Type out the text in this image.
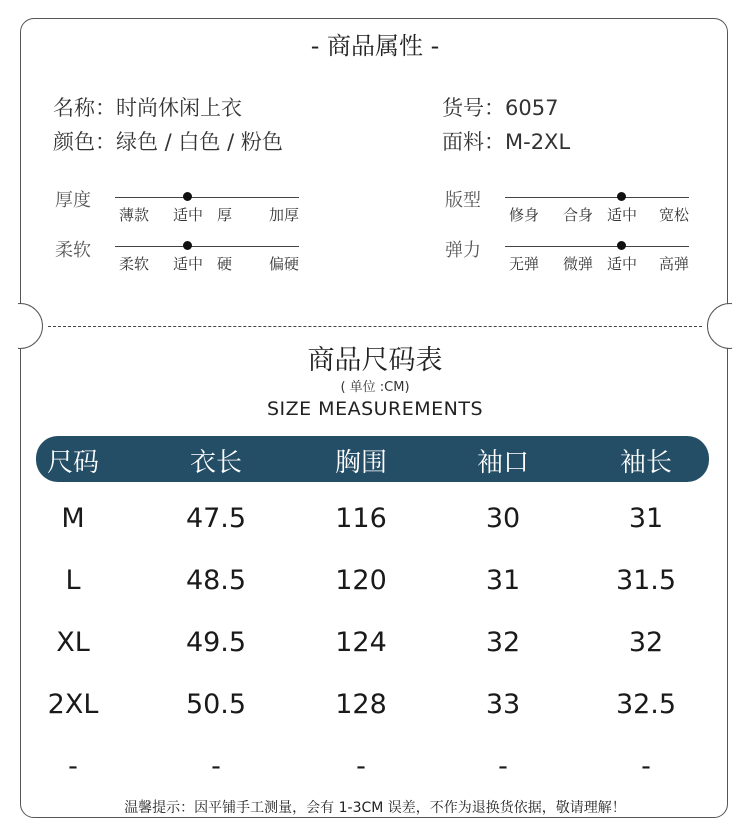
- 商品属性 -
名称：时尚休闲上衣	货号：6057
颜色：绿色 / 白色 / 粉色	面料：M-2XL
厚度
薄款 适中 厚 加厚
版型
修身 合身 适中 宽松
柔软
柔软 适中 硬 偏硬
弹力
无弹 微弹 适中 高弹
商品尺码表
( 单位 :CM)
SIZE MEASUREMENTS
尺码	衣长	胸围	袖口	袖长
M	47.5	116	30	31
L	48.5	120	31	31.5
XL	49.5	124	32	32
2XL	50.5	128	33	32.5
-	-	-	-	-
温馨提示：因平铺手工测量，会有 1-3CM 误差，不作为退换货依据，敬请理解！
